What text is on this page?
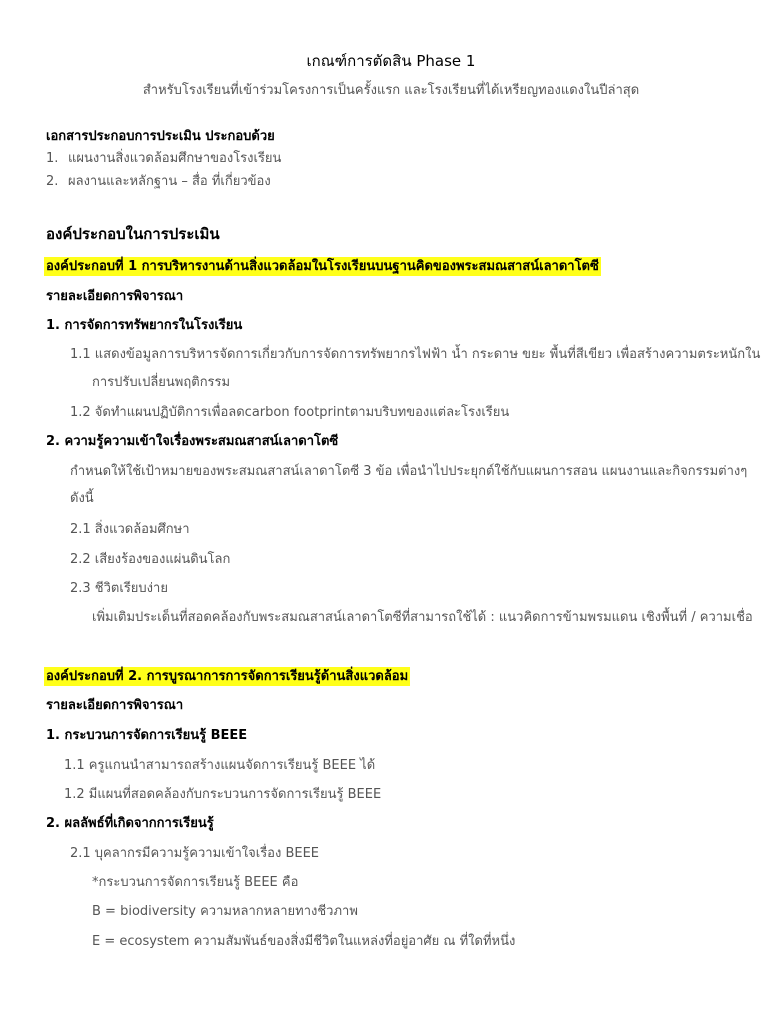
เกณฑ์การตัดสิน Phase 1
สำหรับโรงเรียนที่เข้าร่วมโครงการเป็นครั้งแรก และโรงเรียนที่ได้เหรียญทองแดงในปีล่าสุด
เอกสารประกอบการประเมิน ประกอบด้วย
1. แผนงานสิ่งแวดล้อมศึกษาของโรงเรียน
2. ผลงานและหลักฐาน – สื่อ ที่เกี่ยวข้อง
องค์ประกอบในการประเมิน
องค์ประกอบที่ 1 การบริหารงานด้านสิ่งแวดล้อมในโรงเรียนบนฐานคิดของพระสมณสาสน์เลาดาโตซี
รายละเอียดการพิจารณา
1. การจัดการทรัพยากรในโรงเรียน
1.1 แสดงข้อมูลการบริหารจัดการเกี่ยวกับการจัดการทรัพยากรไฟฟ้า น้ำ กระดาษ ขยะ พื้นที่สีเขียว เพื่อสร้างความตระหนักใน
การปรับเปลี่ยนพฤติกรรม
1.2 จัดทำแผนปฏิบัติการเพื่อลดcarbon footprintตามบริบทของแต่ละโรงเรียน
2. ความรู้ความเข้าใจเรื่องพระสมณสาสน์เลาดาโตซี
กำหนดให้ใช้เป้าหมายของพระสมณสาสน์เลาดาโตซี 3 ข้อ เพื่อนำไปประยุกต์ใช้กับแผนการสอน แผนงานและกิจกรรมต่างๆ
ดังนี้
2.1 สิ่งแวดล้อมศึกษา
2.2 เสียงร้องของแผ่นดินโลก
2.3 ชีวิตเรียบง่าย
เพิ่มเติมประเด็นที่สอดคล้องกับพระสมณสาสน์เลาดาโตซีที่สามารถใช้ได้ : แนวคิดการข้ามพรมแดน เชิงพื้นที่ / ความเชื่อ
องค์ประกอบที่ 2. การบูรณาการการจัดการเรียนรู้ด้านสิ่งแวดล้อม
รายละเอียดการพิจารณา
1. กระบวนการจัดการเรียนรู้ BEEE
1.1 ครูแกนนำสามารถสร้างแผนจัดการเรียนรู้ BEEE ได้
1.2 มีแผนที่สอดคล้องกับกระบวนการจัดการเรียนรู้ BEEE
2. ผลลัพธ์ที่เกิดจากการเรียนรู้
2.1 บุคลากรมีความรู้ความเข้าใจเรื่อง BEEE
*กระบวนการจัดการเรียนรู้ BEEE คือ
B = biodiversity ความหลากหลายทางชีวภาพ
E = ecosystem ความสัมพันธ์ของสิ่งมีชีวิตในแหล่งที่อยู่อาศัย ณ ที่ใดที่หนึ่ง
